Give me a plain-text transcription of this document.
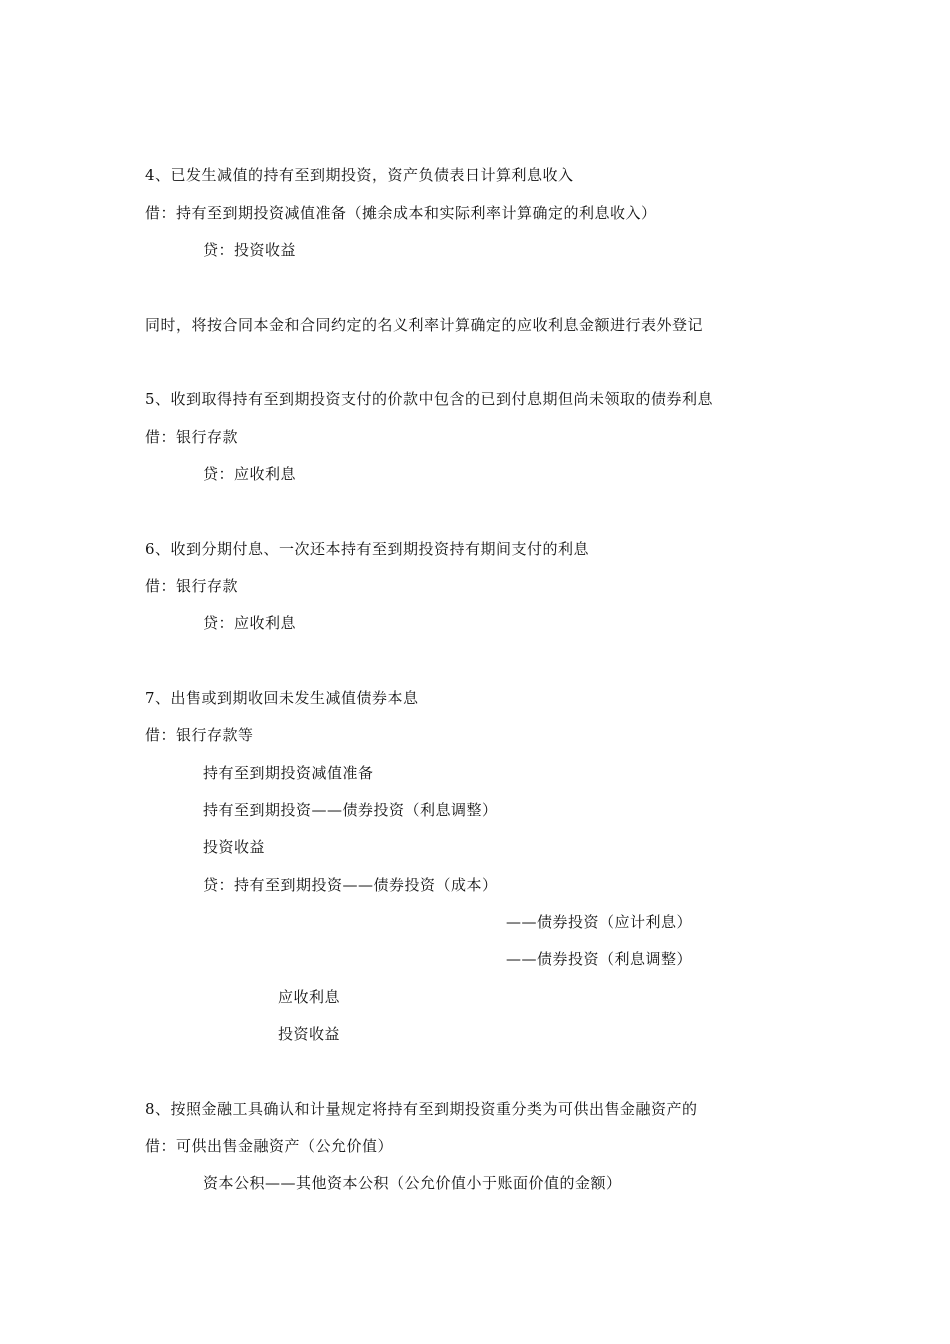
4、已发生减值的持有至到期投资，资产负债表日计算利息收入
借：持有至到期投资减值准备（摊余成本和实际利率计算确定的利息收入）
贷：投资收益
同时，将按合同本金和合同约定的名义利率计算确定的应收利息金额进行表外登记
5、收到取得持有至到期投资支付的价款中包含的已到付息期但尚未领取的债券利息
借：银行存款
贷：应收利息
6、收到分期付息、一次还本持有至到期投资持有期间支付的利息
借：银行存款
贷：应收利息
7、出售或到期收回未发生减值债券本息
借：银行存款等
持有至到期投资减值准备
持有至到期投资——债券投资（利息调整）
投资收益
贷：持有至到期投资——债券投资（成本）
——债券投资（应计利息）
——债券投资（利息调整）
应收利息
投资收益
8、按照金融工具确认和计量规定将持有至到期投资重分类为可供出售金融资产的
借：可供出售金融资产（公允价值）
资本公积——其他资本公积（公允价值小于账面价值的金额）
